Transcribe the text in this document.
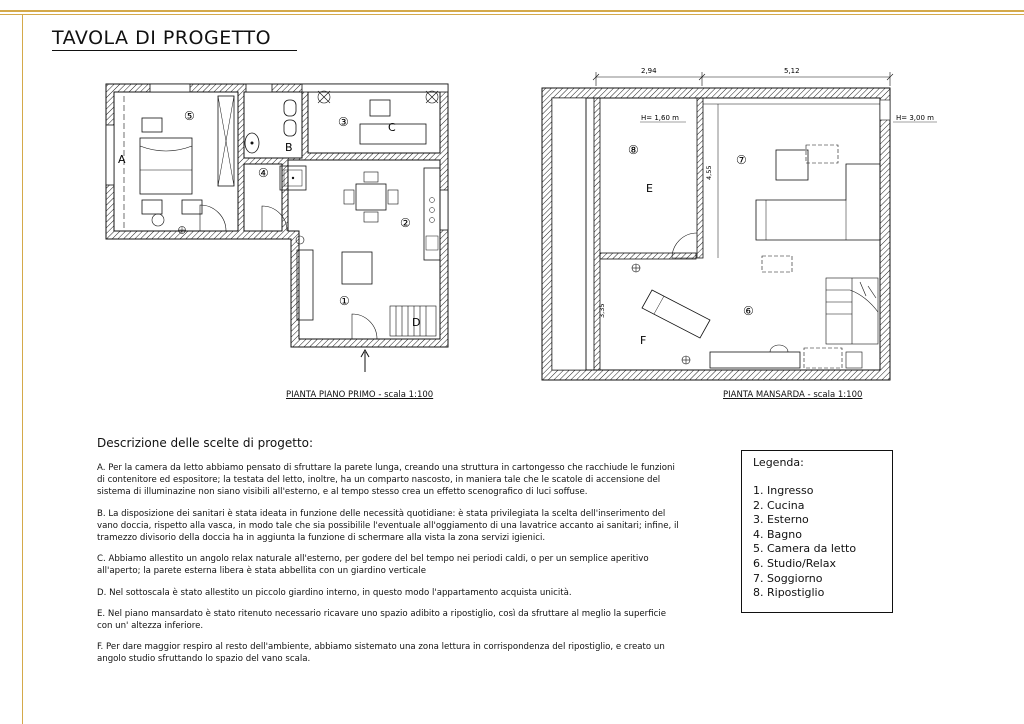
TAVOLA DI PROGETTO
A
B
C
D
①
②
③
④
⑤
2,94	5,12
H= 1,60 m	H= 3,00 m
4,55
3,35
E
F
⑥
⑦
⑧
PIANTA PIANO PRIMO - scala 1:100	PIANTA MANSARDA - scala 1:100
Descrizione delle scelte di progetto:

A. Per la camera da letto abbiamo pensato di sfruttare la parete lunga, creando una struttura in cartongesso che racchiude le funzioni di contenitore ed espositore; la testata del letto, inoltre, ha un comparto nascosto, in maniera tale che le scatole di accensione del sistema di illuminazine non siano visibili all'esterno, e al tempo stesso crea un effetto scenografico di luci soffuse.

B. La disposizione dei sanitari è stata ideata in funzione delle necessità quotidiane: è stata privilegiata la scelta dell'inserimento del vano doccia, rispetto alla vasca, in modo tale che sia possibilile l'eventuale all'oggiamento di una lavatrice accanto ai sanitari; infine, il tramezzo divisorio della doccia ha in aggiunta la funzione di schermare alla vista la zona servizi igienici.

C. Abbiamo allestito un angolo relax naturale all'esterno, per godere del bel tempo nei periodi caldi, o per un semplice aperitivo all'aperto; la parete esterna libera è stata abbellita con un giardino verticale

D. Nel sottoscala è stato allestito un piccolo giardino interno, in questo modo l'appartamento acquista unicità.

E. Nel piano mansardato è stato ritenuto necessario ricavare uno spazio adibito a ripostiglio, così da sfruttare al meglio la superficie con un' altezza inferiore.

F. Per dare maggior respiro al resto dell'ambiente, abbiamo sistemato una zona lettura in corrispondenza del ripostiglio, e creato un angolo studio sfruttando lo spazio del vano scala.

Legenda:
1. Ingresso
2. Cucina
3. Esterno
4. Bagno
5. Camera da letto
6. Studio/Relax
7. Soggiorno
8. Ripostiglio
